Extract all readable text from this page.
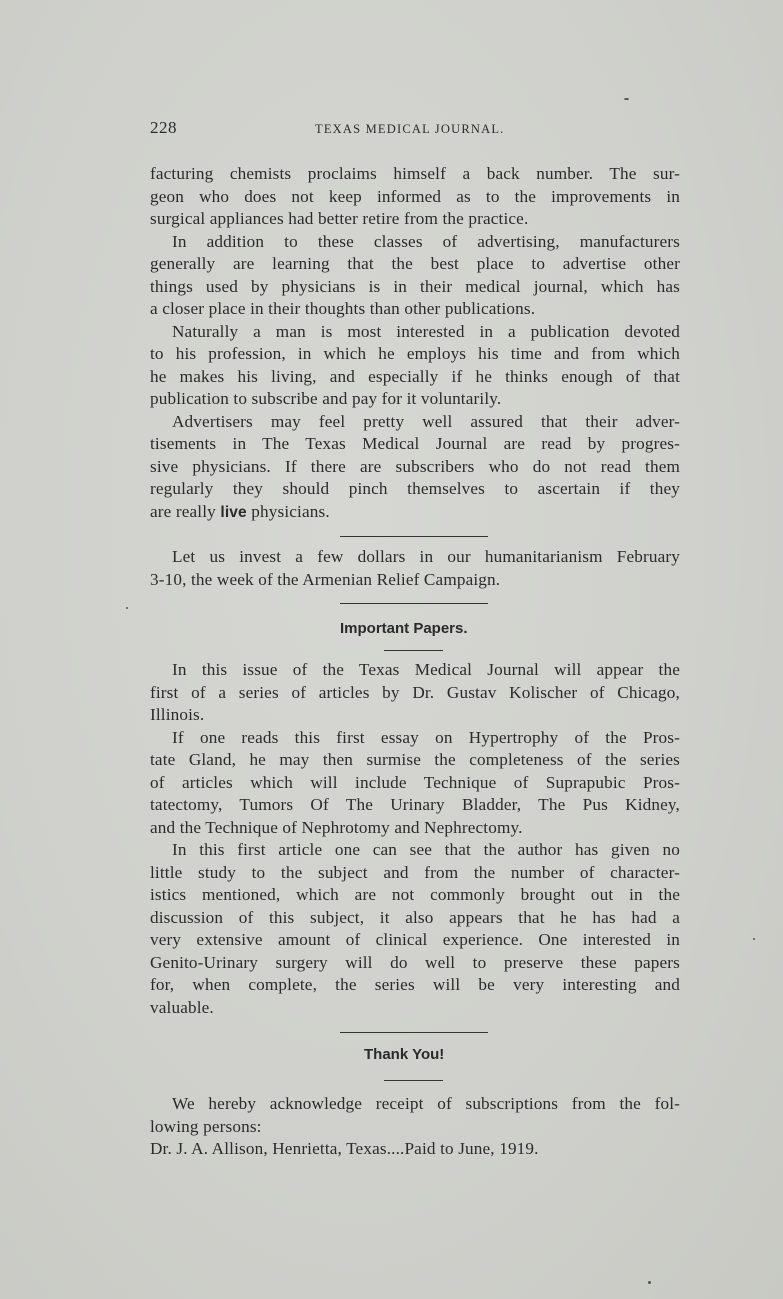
228	TEXAS MEDICAL JOURNAL.
facturing chemists proclaims himself a back number. The sur-
geon who does not keep informed as to the improvements in
surgical appliances had better retire from the practice.
In addition to these classes of advertising, manufacturers
generally are learning that the best place to advertise other
things used by physicians is in their medical journal, which has
a closer place in their thoughts than other publications.
Naturally a man is most interested in a publication devoted
to his profession, in which he employs his time and from which
he makes his living, and especially if he thinks enough of that
publication to subscribe and pay for it voluntarily.
Advertisers may feel pretty well assured that their adver-
tisements in The Texas Medical Journal are read by progres-
sive physicians. If there are subscribers who do not read them
regularly they should pinch themselves to ascertain if they
are really live physicians.
Let us invest a few dollars in our humanitarianism February
3-10, the week of the Armenian Relief Campaign.
Important Papers.
In this issue of the Texas Medical Journal will appear the
first of a series of articles by Dr. Gustav Kolischer of Chicago,
Illinois.
If one reads this first essay on Hypertrophy of the Pros-
tate Gland, he may then surmise the completeness of the series
of articles which will include Technique of Suprapubic Pros-
tatectomy, Tumors Of The Urinary Bladder, The Pus Kidney,
and the Technique of Nephrotomy and Nephrectomy.
In this first article one can see that the author has given no
little study to the subject and from the number of character-
istics mentioned, which are not commonly brought out in the
discussion of this subject, it also appears that he has had a
very extensive amount of clinical experience. One interested in
Genito-Urinary surgery will do well to preserve these papers
for, when complete, the series will be very interesting and
valuable.
Thank You!
We hereby acknowledge receipt of subscriptions from the fol-
lowing persons:
Dr. J. A. Allison, Henrietta, Texas....Paid to June, 1919.
